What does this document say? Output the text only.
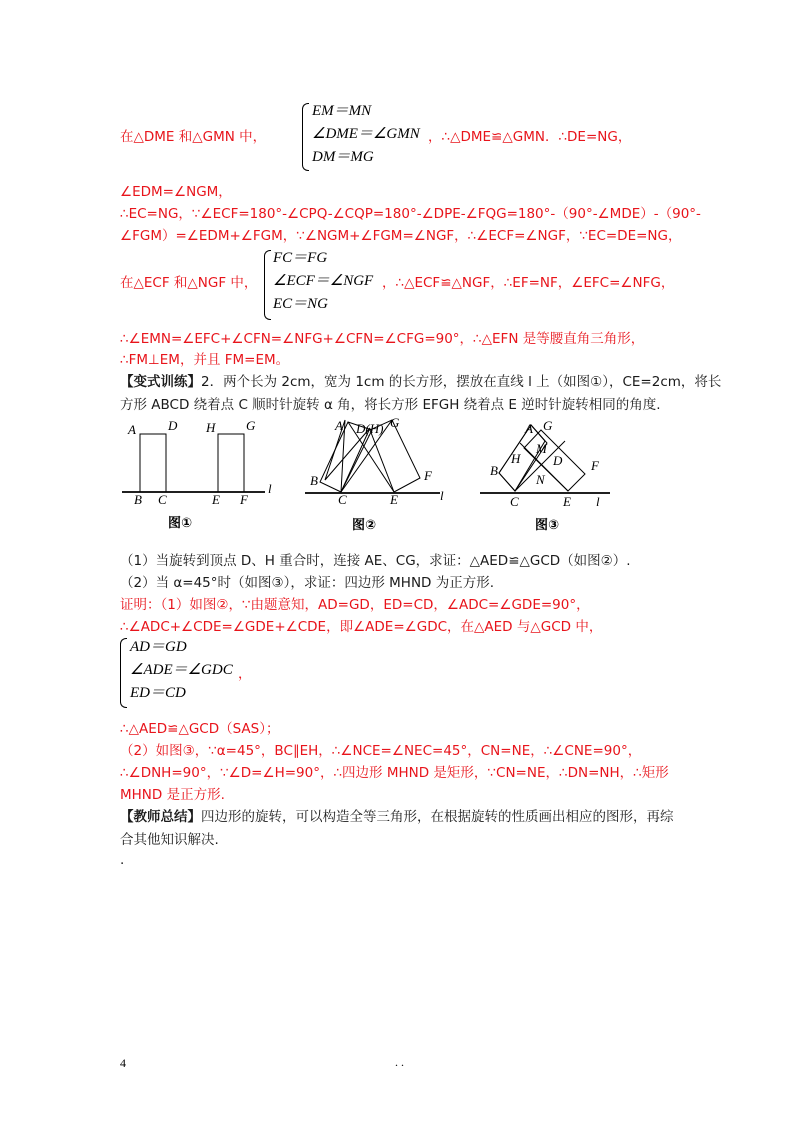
在△DME 和△GMN 中，
EM＝MN
∠DME＝∠GMN
DM＝MG
，∴△DME≌△GMN．∴DE=NG，
∠EDM=∠NGM，
∴EC=NG，∵∠ECF=180°-∠CPQ-∠CQP=180°-∠DPE-∠FQG=180°-（90°-∠MDE）-（90°-
∠FGM）=∠EDM+∠FGM，∵∠NGM+∠FGM=∠NGF，∴∠ECF=∠NGF，∵EC=DE=NG，
在△ECF 和△NGF 中，
FC＝FG
∠ECF＝∠NGF
EC＝NG
，∴△ECF≌△NGF，∴EF=NF，∠EFC=∠NFG，
∴∠EMN=∠EFC+∠CFN=∠NFG+∠CFN=∠CFG=90°，∴△EFN 是等腰直角三角形，
∴FM⊥EM，并且 FM=EM。
【变式训练】2．两个长为 2cm，宽为 1cm 的长方形，摆放在直线 l 上（如图①），CE=2cm，将长
方形 ABCD 绕着点 C 顺时针旋转 α 角，将长方形 EFGH 绕着点 E 逆时针旋转相同的角度.
A D H G
B C	E F
l
图①
A D(H) G
B
C	E
F
l
图②
A G
M
H	D
B
N
F
C	E l
图③
（1）当旋转到顶点 D、H 重合时，连接 AE、CG，求证：△AED≌△GCD（如图②）.
（2）当 α=45°时（如图③），求证：四边形 MHND 为正方形.
证明：（1）如图②，∵由题意知，AD=GD，ED=CD，∠ADC=∠GDE=90°，
∴∠ADC+∠CDE=∠GDE+∠CDE，即∠ADE=∠GDC，在△AED 与△GCD 中，
AD＝GD
∠ADE＝∠GDC
ED＝CD
，
∴△AED≌△GCD（SAS）；
（2）如图③，∵α=45°，BC∥EH，∴∠NCE=∠NEC=45°，CN=NE，∴∠CNE=90°，
∴∠DNH=90°，∵∠D=∠H=90°，∴四边形 MHND 是矩形，∵CN=NE，∴DN=NH，∴矩形
MHND 是正方形.
【教师总结】四边形的旋转，可以构造全等三角形，在根据旋转的性质画出相应的图形，再综
合其他知识解决.
.
4	. .
